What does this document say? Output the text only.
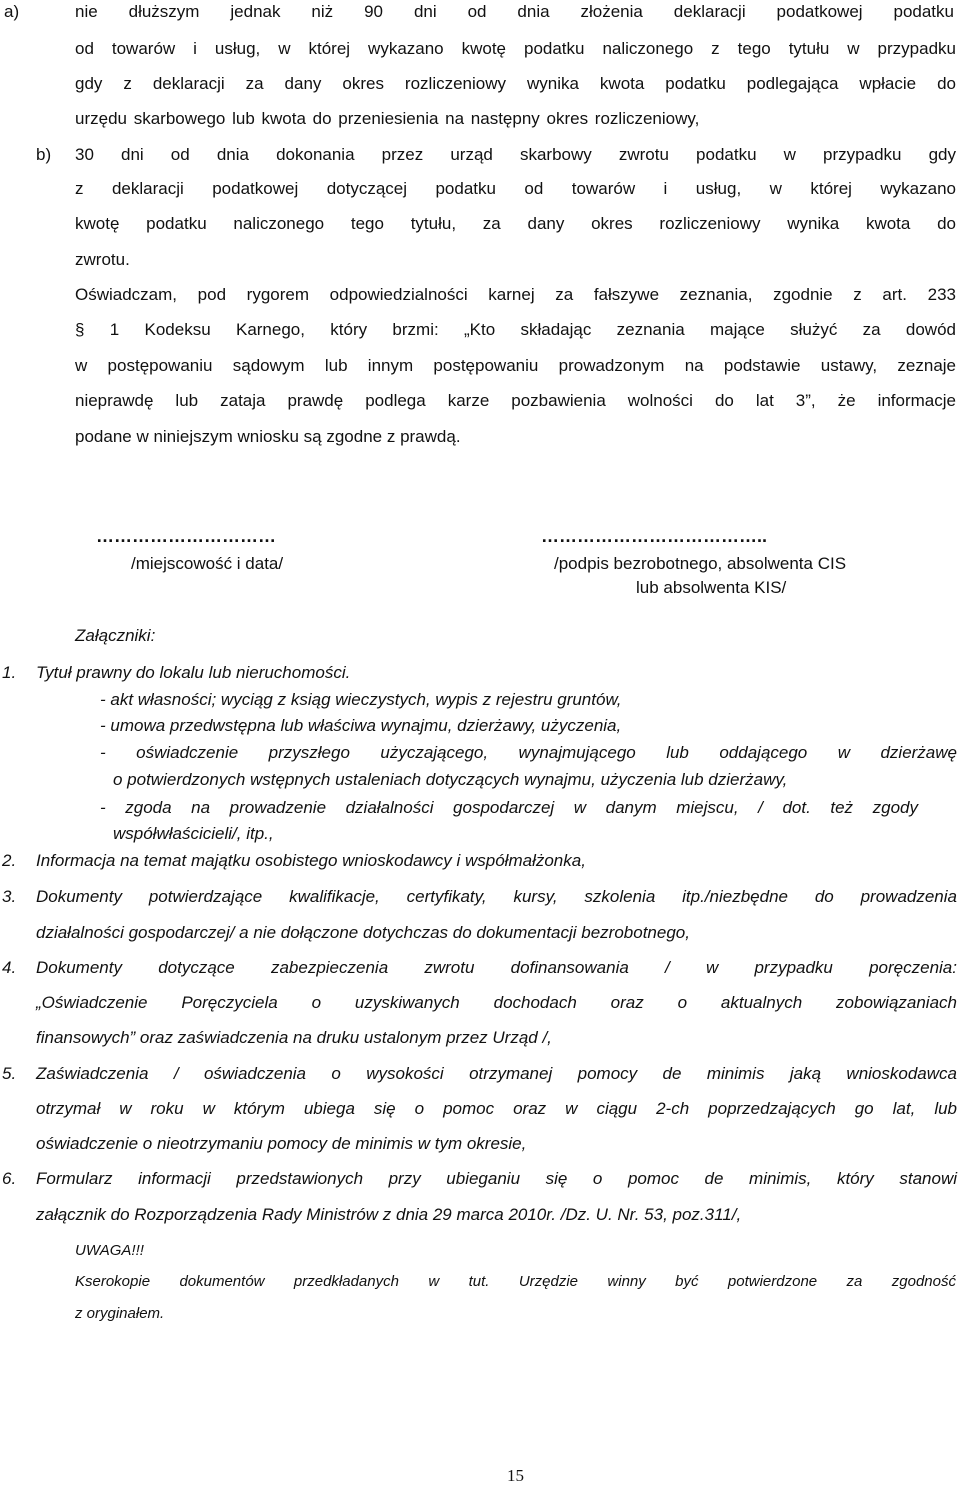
a)	nie dłuższym jednak niż 90 dni od dnia złożenia deklaracji podatkowej podatku
od towarów i usług, w której wykazano kwotę podatku naliczonego z tego tytułu w przypadku
gdy z deklaracji za dany okres rozliczeniowy wynika kwota podatku podlegająca wpłacie do
urzędu skarbowego lub kwota do przeniesienia na następny okres rozliczeniowy,
b) 30 dni od dnia dokonania przez urząd skarbowy zwrotu podatku w przypadku gdy
z deklaracji podatkowej dotyczącej podatku od towarów i usług, w której wykazano
kwotę podatku naliczonego tego tytułu, za dany okres rozliczeniowy wynika kwota do
zwrotu.
Oświadczam, pod rygorem odpowiedzialności karnej za fałszywe zeznania, zgodnie z art. 233
§ 1 Kodeksu Karnego, który brzmi: „Kto składając zeznania mające służyć za dowód
w postępowaniu sądowym lub innym postępowaniu prowadzonym na podstawie ustawy, zeznaje
nieprawdę lub zataja prawdę podlega karze pozbawienia wolności do lat 3”, że informacje
podane w niniejszym wniosku są zgodne z prawdą.
…………………………
/miejscowość i data/
………………………………..
/podpis bezrobotnego, absolwenta CIS
lub absolwenta KIS/
Załączniki:
1. Tytuł prawny do lokalu lub nieruchomości.
- akt własności; wyciąg z ksiąg wieczystych, wypis z rejestru gruntów,
- umowa przedwstępna lub właściwa wynajmu, dzierżawy, użyczenia,
- oświadczenie przyszłego użyczającego, wynajmującego lub oddającego w dzierżawę
o potwierdzonych wstępnych ustaleniach dotyczących wynajmu, użyczenia lub dzierżawy,
- zgoda na prowadzenie działalności gospodarczej w danym miejscu, / dot. też zgody
współwłaścicieli/, itp.,
2. Informacja na temat majątku osobistego wnioskodawcy i współmałżonka,
3. Dokumenty potwierdzające kwalifikacje, certyfikaty, kursy, szkolenia itp./niezbędne do prowadzenia
działalności gospodarczej/ a nie dołączone dotychczas do dokumentacji bezrobotnego,
4. Dokumenty dotyczące zabezpieczenia zwrotu dofinansowania / w przypadku poręczenia:
„Oświadczenie Poręczyciela o uzyskiwanych dochodach oraz o aktualnych zobowiązaniach
finansowych” oraz zaświadczenia na druku ustalonym przez Urząd /,
5. Zaświadczenia / oświadczenia o wysokości otrzymanej pomocy de minimis jaką wnioskodawca
otrzymał w roku w którym ubiega się o pomoc oraz w ciągu 2-ch poprzedzających go lat, lub
oświadczenie o nieotrzymaniu pomocy de minimis w tym okresie,
6. Formularz informacji przedstawionych przy ubieganiu się o pomoc de minimis, który stanowi
załącznik do Rozporządzenia Rady Ministrów z dnia 29 marca 2010r. /Dz. U. Nr. 53, poz.311/,
UWAGA!!!
Kserokopie dokumentów przedkładanych w tut. Urzędzie winny być potwierdzone za zgodność
z oryginałem.
15
